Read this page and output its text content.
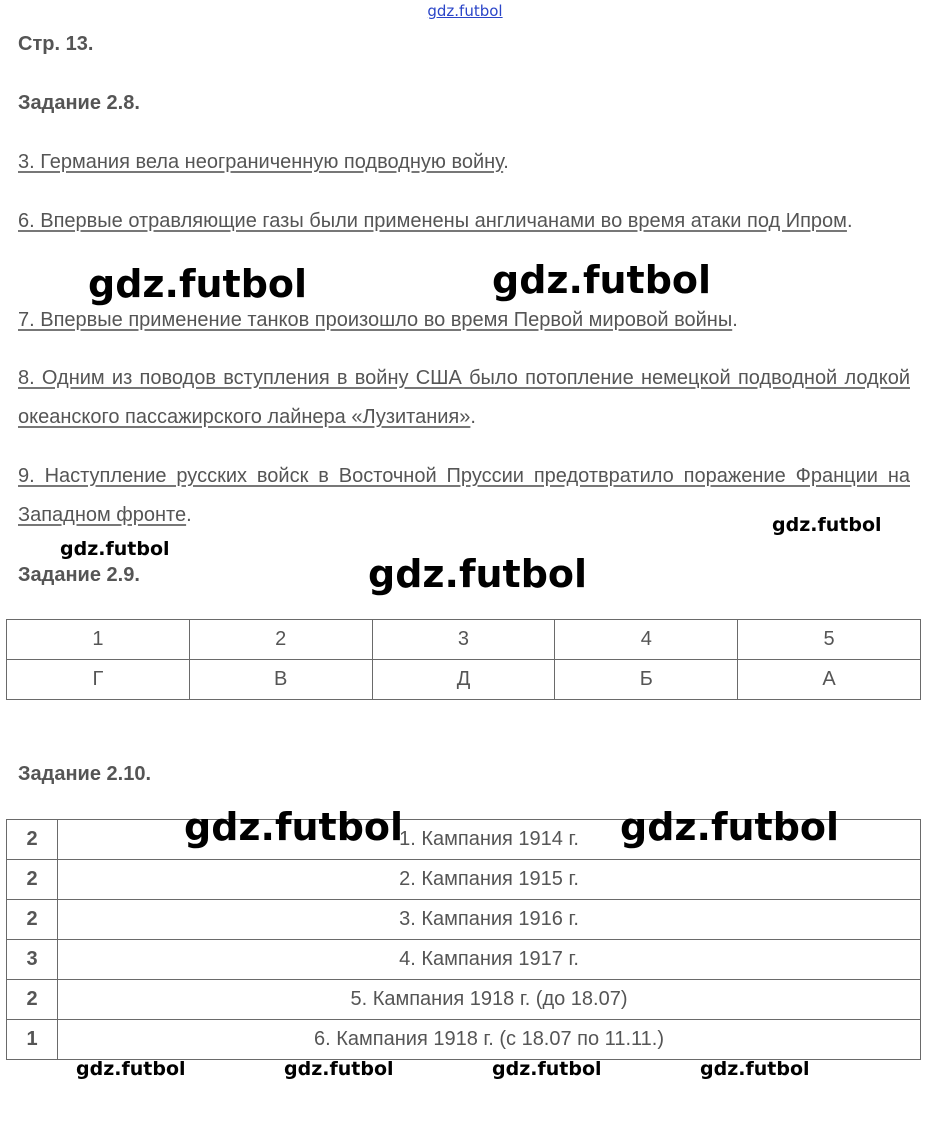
gdz.futbol
Стр. 13.
Задание 2.8.
3. Германия вела неограниченную подводную войну.
6. Впервые отравляющие газы были применены англичанами во время атаки под Ипром.
7. Впервые применение танков произошло во время Первой мировой войны.
8. Одним из поводов вступления в войну США было потопление немецкой подводной лодкой океанского пассажирского лайнера «Лузитания».
9. Наступление русских войск в Восточной Пруссии предотвратило поражение Франции на Западном фронте.
Задание 2.9.
1	2	3	4	5
Г	В	Д	Б	А
Задание 2.10.
2	1. Кампания 1914 г.
2	2. Кампания 1915 г.
2	3. Кампания 1916 г.
3	4. Кампания 1917 г.
2	5. Кампания 1918 г. (до 18.07)
1	6. Кампания 1918 г. (с 18.07 по 11.11.)
gdz.futbol	gdz.futbol
gdz.futbol
gdz.futbol
gdz.futbol
gdz.futbol	gdz.futbol
gdz.futbol	gdz.futbol	gdz.futbol	gdz.futbol
